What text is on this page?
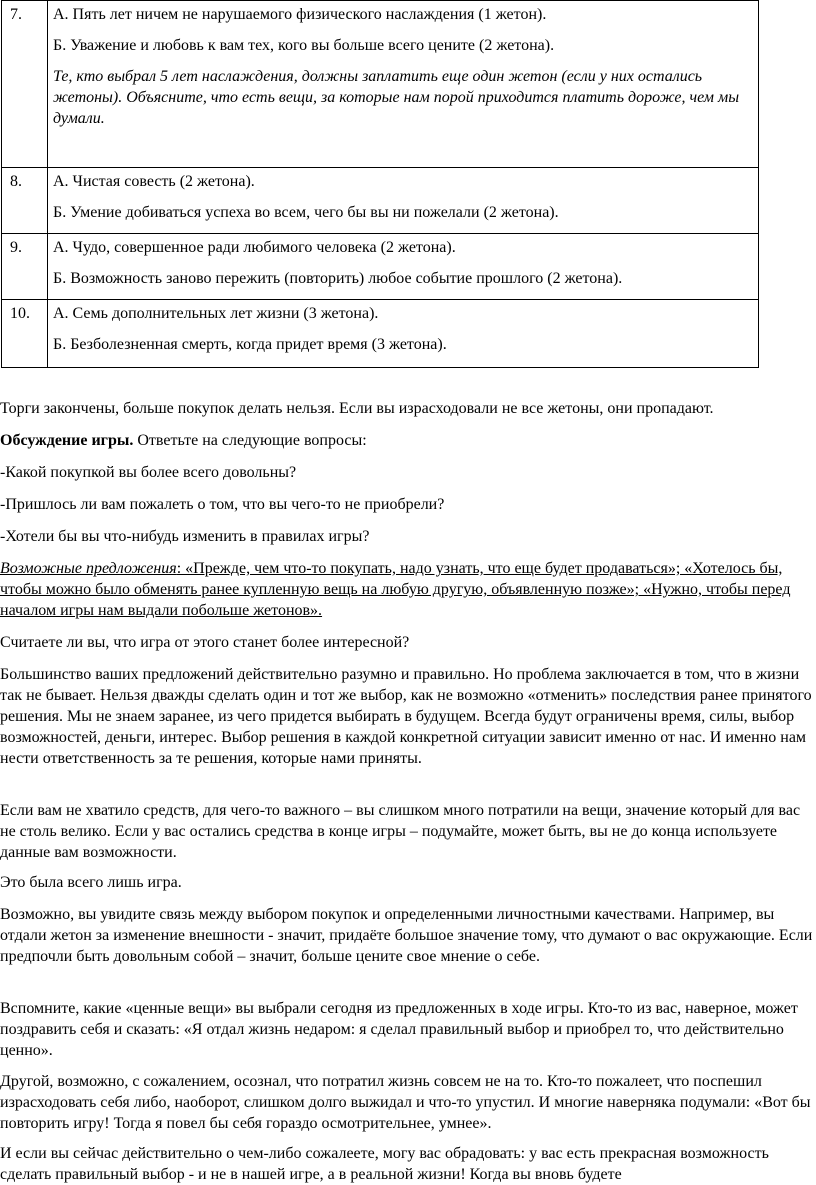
7.	А. Пять лет ничем не нарушаемого физического наслаждения (1 жетон).

Б. Уважение и любовь к вам тех, кого вы больше всего цените (2 жетона).

Те, кто выбрал 5 лет наслаждения, должны заплатить еще один жетон (если у них остались жетоны). Объясните, что есть вещи, за которые нам порой приходится платить дороже, чем мы думали.

8.	А. Чистая совесть (2 жетона).

Б. Умение добиваться успеха во всем, чего бы вы ни пожелали (2 жетона).

9.	А. Чудо, совершенное ради любимого человека (2 жетона).

Б. Возможность заново пережить (повторить) любое событие прошлого (2 жетона).

10.	А. Семь дополнительных лет жизни (3 жетона).

Б. Безболезненная смерть, когда придет время (3 жетона).

Торги закончены, больше покупок делать нельзя. Если вы израсходовали не все жетоны, они пропадают.

Обсуждение игры. Ответьте на следующие вопросы:

-Какой покупкой вы более всего довольны?

-Пришлось ли вам пожалеть о том, что вы чего-то не приобрели?

-Хотели бы вы что-нибудь изменить в правилах игры?

Возможные предложения: «Прежде, чем что-то покупать, надо узнать, что еще будет продаваться»; «Хотелось бы, чтобы можно было обменять ранее купленную вещь на любую другую, объявленную позже»; «Нужно, чтобы перед началом игры нам выдали побольше жетонов».

Считаете ли вы, что игра от этого станет более интересной?

Большинство ваших предложений действительно разумно и правильно. Но проблема заключается в том, что в жизни так не бывает. Нельзя дважды сделать один и тот же выбор, как не возможно «отменить» последствия ранее принятого решения. Мы не знаем заранее, из чего придется выбирать в будущем. Всегда будут ограничены время, силы, выбор возможностей, деньги, интерес. Выбор решения в каждой конкретной ситуации зависит именно от нас. И именно нам нести ответственность за те решения, которые нами приняты.

Если вам не хватило средств, для чего-то важного – вы слишком много потратили на вещи, значение который для вас не столь велико. Если у вас остались средства в конце игры – подумайте, может быть, вы не до конца используете данные вам возможности.

Это была всего лишь игра.

Возможно, вы увидите связь между выбором покупок и определенными личностными качествами. Например, вы отдали жетон за изменение внешности - значит, придаёте большое значение тому, что думают о вас окружающие. Если предпочли быть довольным собой – значит, больше цените свое мнение о себе.

Вспомните, какие «ценные вещи» вы выбрали сегодня из предложенных в ходе игры. Кто-то из вас, наверное, может поздравить себя и сказать: «Я отдал жизнь недаром: я сделал правильный выбор и приобрел то, что действительно ценно».

Другой, возможно, с сожалением, осознал, что потратил жизнь совсем не на то. Кто-то пожалеет, что поспешил израсходовать себя либо, наоборот, слишком долго выжидал и что-то упустил. И многие наверняка подумали: «Вот бы повторить игру! Тогда я повел бы себя гораздо осмотрительнее, умнее».

И если вы сейчас действительно о чем-либо сожалеете, могу вас обрадовать: у вас есть прекрасная возможность сделать правильный выбор - и не в нашей игре, а в реальной жизни! Когда вы вновь будете
